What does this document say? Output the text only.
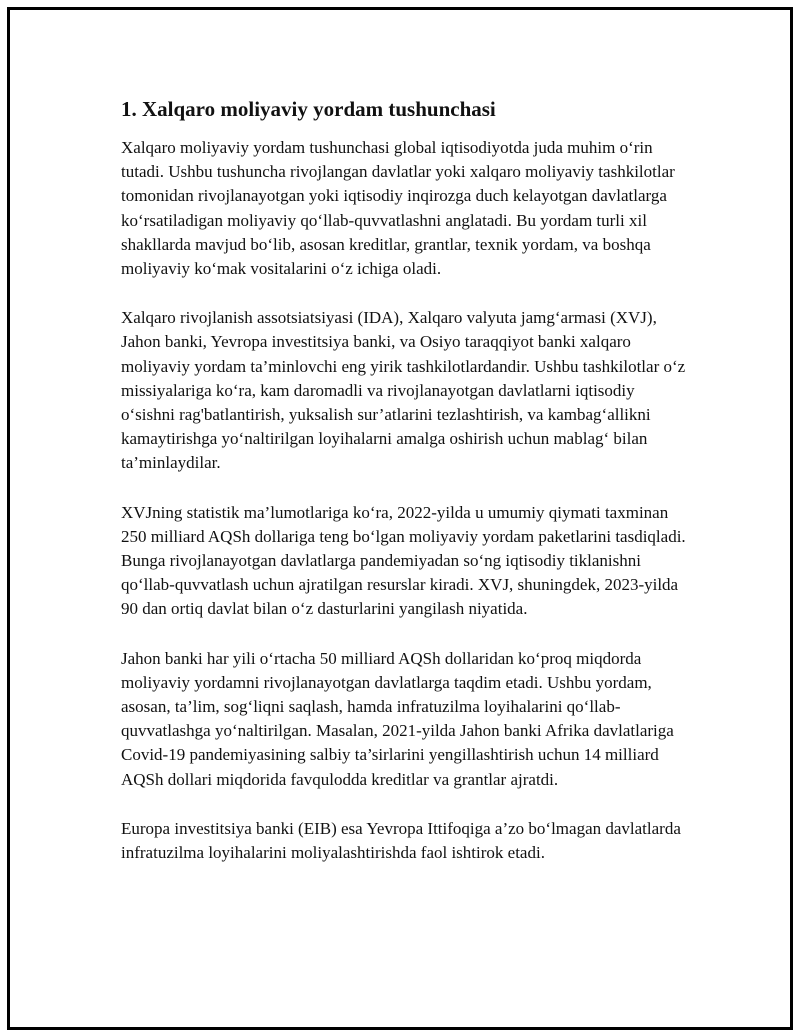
1. Xalqaro moliyaviy yordam tushunchasi

Xalqaro moliyaviy yordam tushunchasi global iqtisodiyotda juda muhim o‘rin tutadi. Ushbu tushuncha rivojlangan davlatlar yoki xalqaro moliyaviy tashkilotlar tomonidan rivojlanayotgan yoki iqtisodiy inqirozga duch kelayotgan davlatlarga ko‘rsatiladigan moliyaviy qo‘llab-quvvatlashni anglatadi. Bu yordam turli xil shakllarda mavjud bo‘lib, asosan kreditlar, grantlar, texnik yordam, va boshqa moliyaviy ko‘mak vositalarini o‘z ichiga oladi.

Xalqaro rivojlanish assotsiatsiyasi (IDA), Xalqaro valyuta jamg‘armasi (XVJ), Jahon banki, Yevropa investitsiya banki, va Osiyo taraqqiyot banki xalqaro moliyaviy yordam ta’minlovchi eng yirik tashkilotlardandir. Ushbu tashkilotlar o‘z missiyalariga ko‘ra, kam daromadli va rivojlanayotgan davlatlarni iqtisodiy o‘sishni rag'batlantirish, yuksalish sur’atlarini tezlashtirish, va kambag‘allikni kamaytirishga yo‘naltirilgan loyihalarni amalga oshirish uchun mablag‘ bilan ta’minlaydilar.

XVJning statistik ma’lumotlariga ko‘ra, 2022-yilda u umumiy qiymati taxminan 250 milliard AQSh dollariga teng bo‘lgan moliyaviy yordam paketlarini tasdiqladi. Bunga rivojlanayotgan davlatlarga pandemiyadan so‘ng iqtisodiy tiklanishni qo‘llab-quvvatlash uchun ajratilgan resurslar kiradi. XVJ, shuningdek, 2023-yilda 90 dan ortiq davlat bilan o‘z dasturlarini yangilash niyatida.

Jahon banki har yili o‘rtacha 50 milliard AQSh dollaridan ko‘proq miqdorda moliyaviy yordamni rivojlanayotgan davlatlarga taqdim etadi. Ushbu yordam, asosan, ta’lim, sog‘liqni saqlash, hamda infratuzilma loyihalarini qo‘llab-quvvatlashga yo‘naltirilgan. Masalan, 2021-yilda Jahon banki Afrika davlatlariga Covid-19 pandemiyasining salbiy ta’sirlarini yengillashtirish uchun 14 milliard AQSh dollari miqdorida favqulodda kreditlar va grantlar ajratdi.

Europa investitsiya banki (EIB) esa Yevropa Ittifoqiga a’zo bo‘lmagan davlatlarda infratuzilma loyihalarini moliyalashtirishda faol ishtirok etadi.
